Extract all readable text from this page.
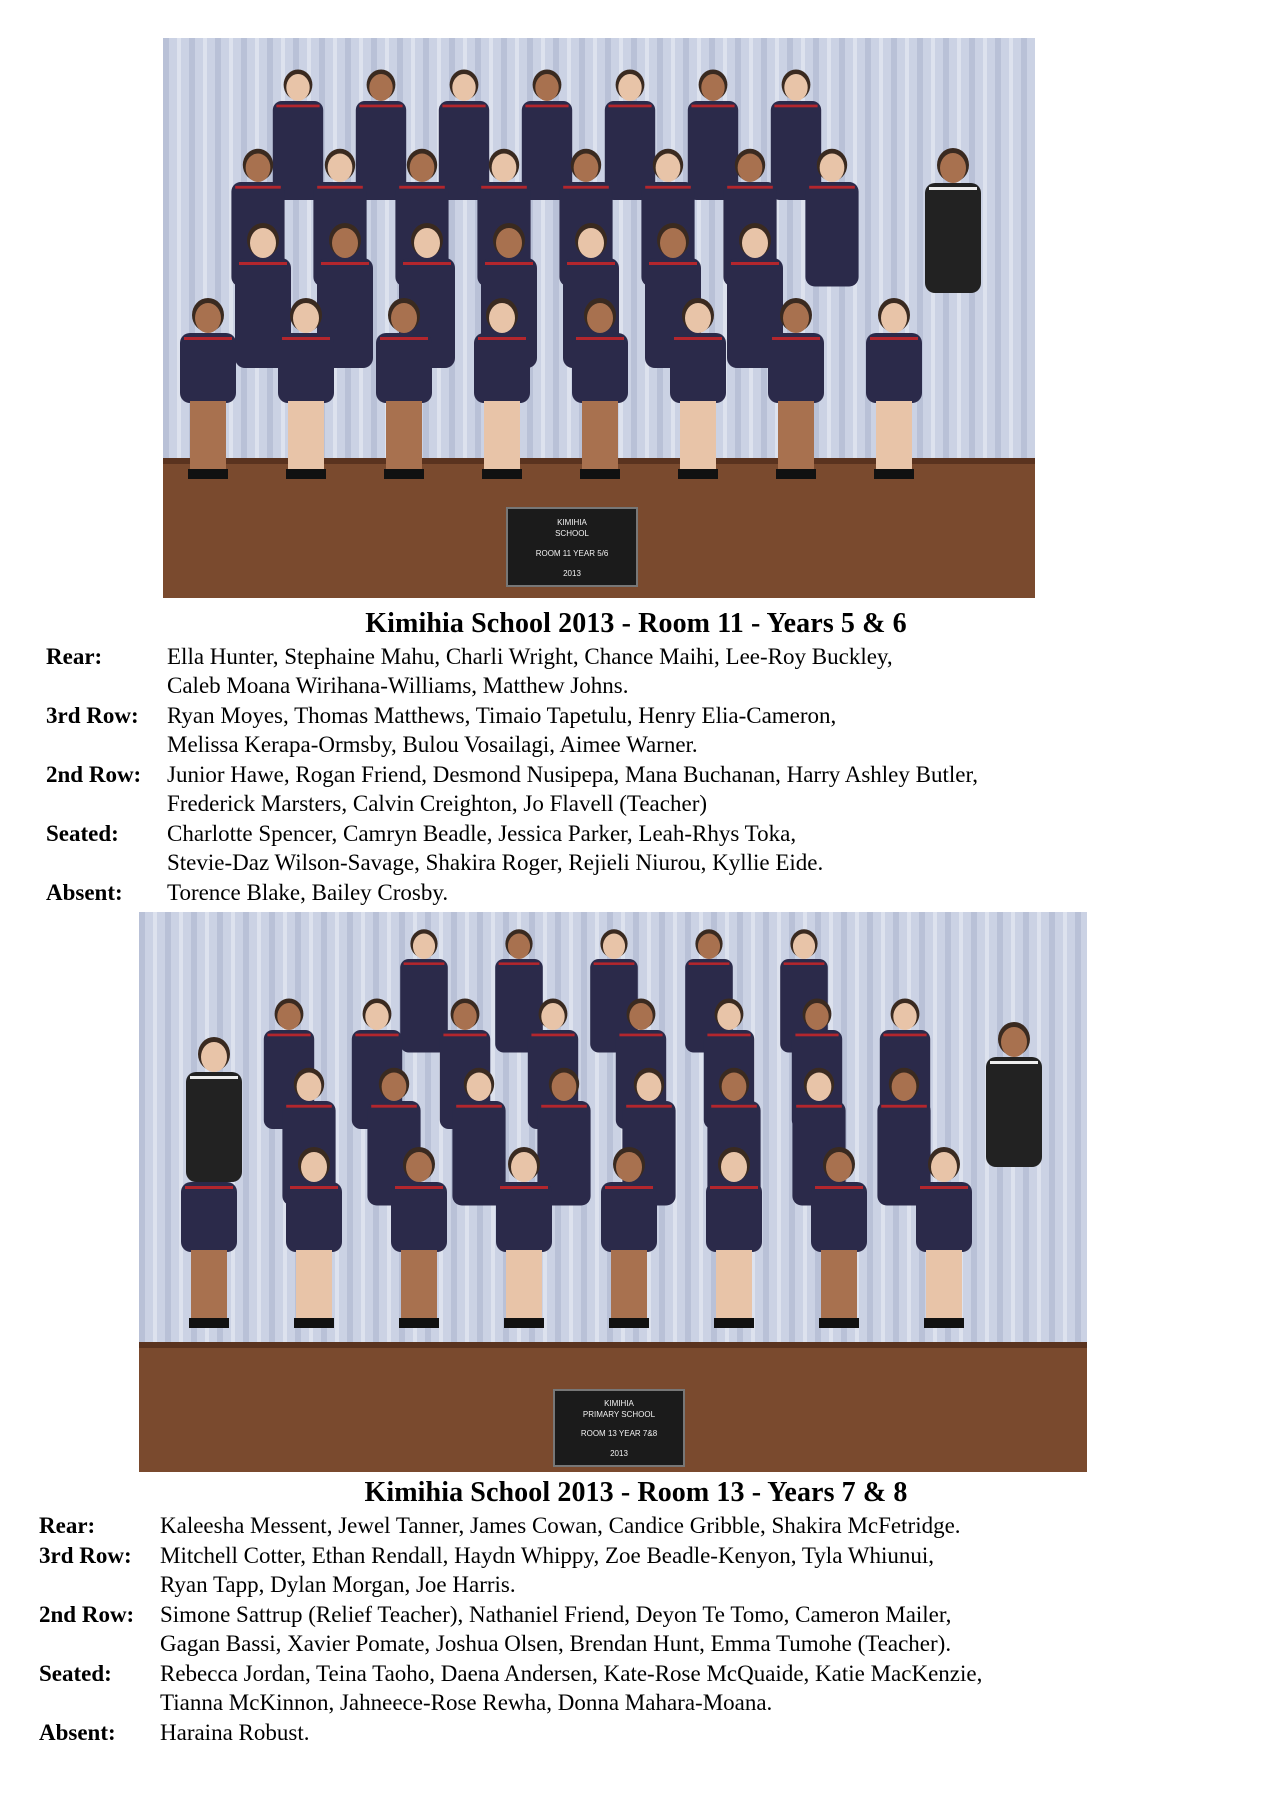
KIMIHIA
SCHOOL
ROOM 11 YEAR 5/6
2013
Kimihia School 2013 - Room 11 - Years 5 & 6
Rear:	Ella Hunter, Stephaine Mahu, Charli Wright, Chance Maihi, Lee-Roy Buckley,
Caleb Moana Wirihana-Williams, Matthew Johns.
3rd Row: Ryan Moyes, Thomas Matthews, Timaio Tapetulu, Henry Elia-Cameron,
Melissa Kerapa-Ormsby, Bulou Vosailagi, Aimee Warner.
2nd Row: Junior Hawe, Rogan Friend, Desmond Nusipepa, Mana Buchanan, Harry Ashley Butler,
Frederick Marsters, Calvin Creighton, Jo Flavell (Teacher)
Seated: Charlotte Spencer, Camryn Beadle, Jessica Parker, Leah-Rhys Toka,
Stevie-Daz Wilson-Savage, Shakira Roger, Rejieli Niurou, Kyllie Eide.
Absent: Torence Blake, Bailey Crosby.
KIMIHIA
PRIMARY SCHOOL
ROOM 13 YEAR 7&8
2013
Kimihia School 2013 - Room 13 - Years 7 & 8
Rear:	Kaleesha Messent, Jewel Tanner, James Cowan, Candice Gribble, Shakira McFetridge.
3rd Row: Mitchell Cotter, Ethan Rendall, Haydn Whippy, Zoe Beadle-Kenyon, Tyla Whiunui,
Ryan Tapp, Dylan Morgan, Joe Harris.
2nd Row: Simone Sattrup (Relief Teacher), Nathaniel Friend, Deyon Te Tomo, Cameron Mailer,
Gagan Bassi, Xavier Pomate, Joshua Olsen, Brendan Hunt, Emma Tumohe (Teacher).
Seated: Rebecca Jordan, Teina Taoho, Daena Andersen, Kate-Rose McQuaide, Katie MacKenzie,
Tianna McKinnon, Jahneece-Rose Rewha, Donna Mahara-Moana.
Absent: Haraina Robust.
